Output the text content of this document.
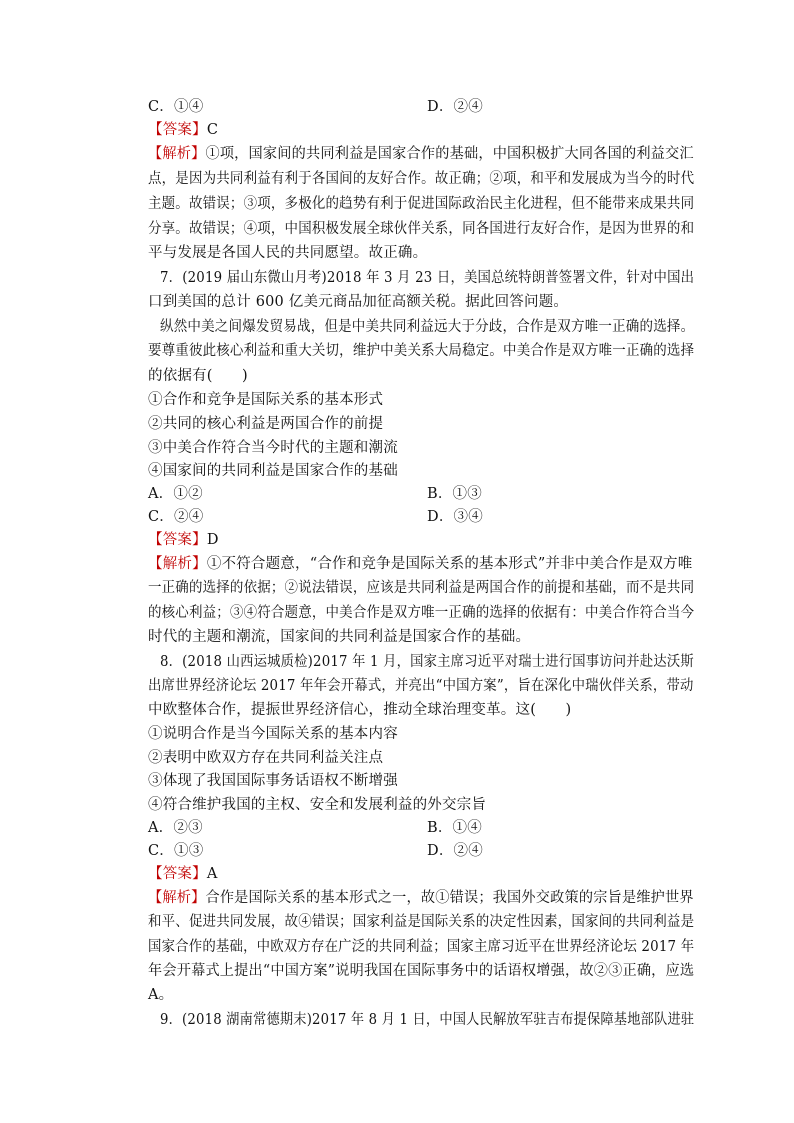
C．①④	D．②④
【答案】C
【解析】①项，国家间的共同利益是国家合作的基础，中国积极扩大同各国的利益交汇
点，是因为共同利益有利于各国间的友好合作。故正确；②项，和平和发展成为当今的时代
主题。故错误；③项，多极化的趋势有利于促进国际政治民主化进程，但不能带来成果共同
分享。故错误；④项，中国积极发展全球伙伴关系，同各国进行友好合作，是因为世界的和
平与发展是各国人民的共同愿望。故正确。
7．(2019 届山东微山月考)2018 年 3 月 23 日，美国总统特朗普签署文件，针对中国出
口到美国的总计 600 亿美元商品加征高额关税。据此回答问题。
纵然中美之间爆发贸易战，但是中美共同利益远大于分歧，合作是双方唯一正确的选择。
要尊重彼此核心利益和重大关切，维护中美关系大局稳定。中美合作是双方唯一正确的选择
的依据有(　　)
①合作和竞争是国际关系的基本形式
②共同的核心利益是两国合作的前提
③中美合作符合当今时代的主题和潮流
④国家间的共同利益是国家合作的基础
A．①②	B．①③
C．②④	D．③④
【答案】D
【解析】①不符合题意，“合作和竞争是国际关系的基本形式”并非中美合作是双方唯
一正确的选择的依据；②说法错误，应该是共同利益是两国合作的前提和基础，而不是共同
的核心利益；③④符合题意，中美合作是双方唯一正确的选择的依据有：中美合作符合当今
时代的主题和潮流，国家间的共同利益是国家合作的基础。
8．(2018 山西运城质检)2017 年 1 月，国家主席习近平对瑞士进行国事访问并赴达沃斯
出席世界经济论坛 2017 年年会开幕式，并亮出“中国方案”，旨在深化中瑞伙伴关系，带动
中欧整体合作，提振世界经济信心，推动全球治理变革。这(　　)
①说明合作是当今国际关系的基本内容
②表明中欧双方存在共同利益关注点
③体现了我国国际事务话语权不断增强
④符合维护我国的主权、安全和发展利益的外交宗旨
A．②③	B．①④
C．①③	D．②④
【答案】A
【解析】合作是国际关系的基本形式之一，故①错误；我国外交政策的宗旨是维护世界
和平、促进共同发展，故④错误；国家利益是国际关系的决定性因素，国家间的共同利益是
国家合作的基础，中欧双方存在广泛的共同利益；国家主席习近平在世界经济论坛 2017 年
年会开幕式上提出“中国方案”说明我国在国际事务中的话语权增强，故②③正确，应选
A。
9．(2018 湖南常德期末)2017 年 8 月 1 日，中国人民解放军驻吉布提保障基地部队进驻
